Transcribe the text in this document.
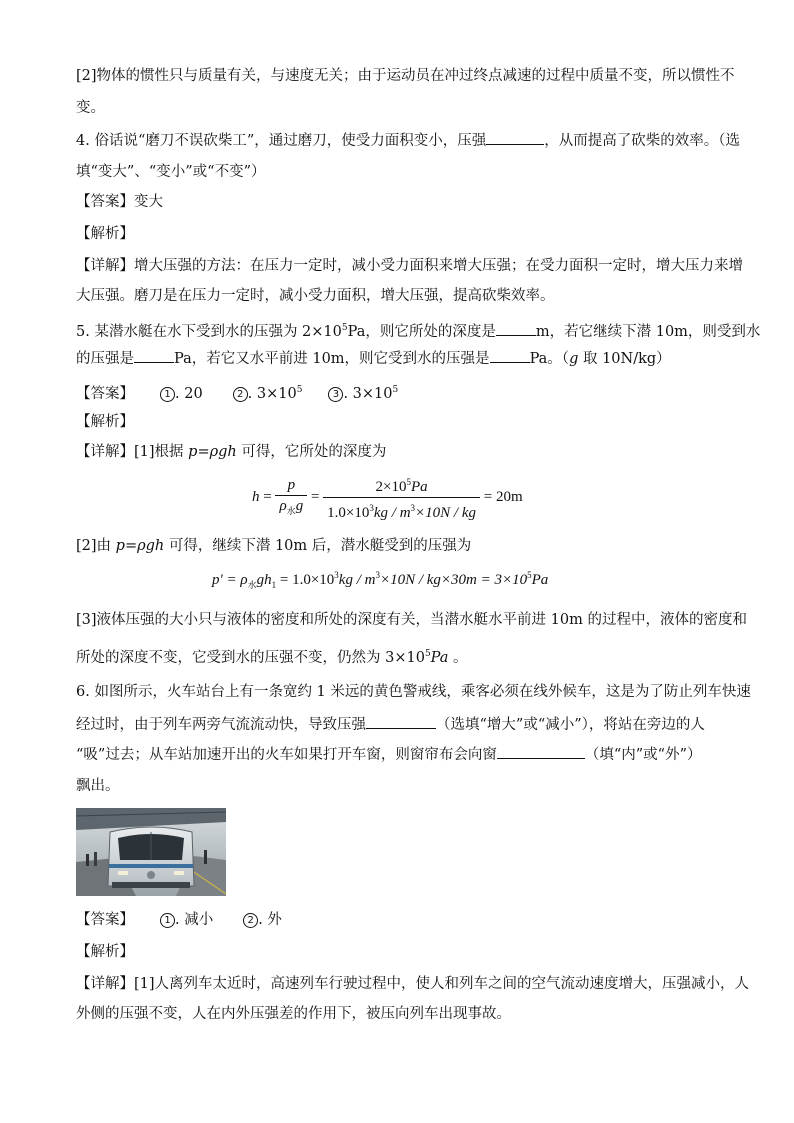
[2]物体的惯性只与质量有关，与速度无关；由于运动员在冲过终点减速的过程中质量不变，所以惯性不
变。
4. 俗话说“磨刀不误砍柴工”，通过磨刀，使受力面积变小，压强	，从而提高了砍柴的效率。（选
填“变大”、“变小”或“不变”）
【答案】变大
【解析】
【详解】增大压强的方法：在压力一定时，减小受力面积来增大压强；在受力面积一定时，增大压力来增
大压强。磨刀是在压力一定时，减小受力面积，增大压强，提高砍柴效率。
5. 某潜水艇在水下受到水的压强为 $2\times 10^5Pa$，则它所处的深度是	m，若它继续下潜 10m，则受到水
的压强是	Pa，若它又水平前进 10m，则它受到水的压强是	Pa。（g 取 10N/kg）
【答案】	1 . 20	2 . $3\times 10^5$	3 . $3\times 10^5$
【解析】
【详解】[1]根据 p=ρgh 可得，它所处的深度为
$h = \frac{p}{\rho_水g} = \frac{2\times 10^5Pa}{1.0\times 10^3kg / m^3\times 10N / kg} = 20m$
[2]由 p=ρgh 可得，继续下潜 10m 后，潜水艇受到的压强为
$p' = \rho_水gh_1 = 1.0\times 10^3kg / m^3\times 10N / kg\times 30m = 3\times 10^5Pa$
[3]液体压强的大小只与液体的密度和所处的深度有关，当潜水艇水平前进 10m 的过程中，液体的密度和
所处的深度不变，它受到水的压强不变，仍然为 $3\times 10^5Pa$ 。
6. 如图所示，火车站台上有一条宽约 1 米远的黄色警戒线，乘客必须在线外候车，这是为了防止列车快速
经过时，由于列车两旁气流流动快，导致压强	（选填“增大”或“减小”），将站在旁边的人
“吸”过去；从车站加速开出的火车如果打开车窗，则窗帘布会向窗	（填“内”或“外”）
飘出。
【答案】	1 . 减小	2 . 外
【解析】
【详解】[1]人离列车太近时，高速列车行驶过程中，使人和列车之间的空气流动速度增大，压强减小，人
外侧的压强不变，人在内外压强差的作用下，被压向列车出现事故。
